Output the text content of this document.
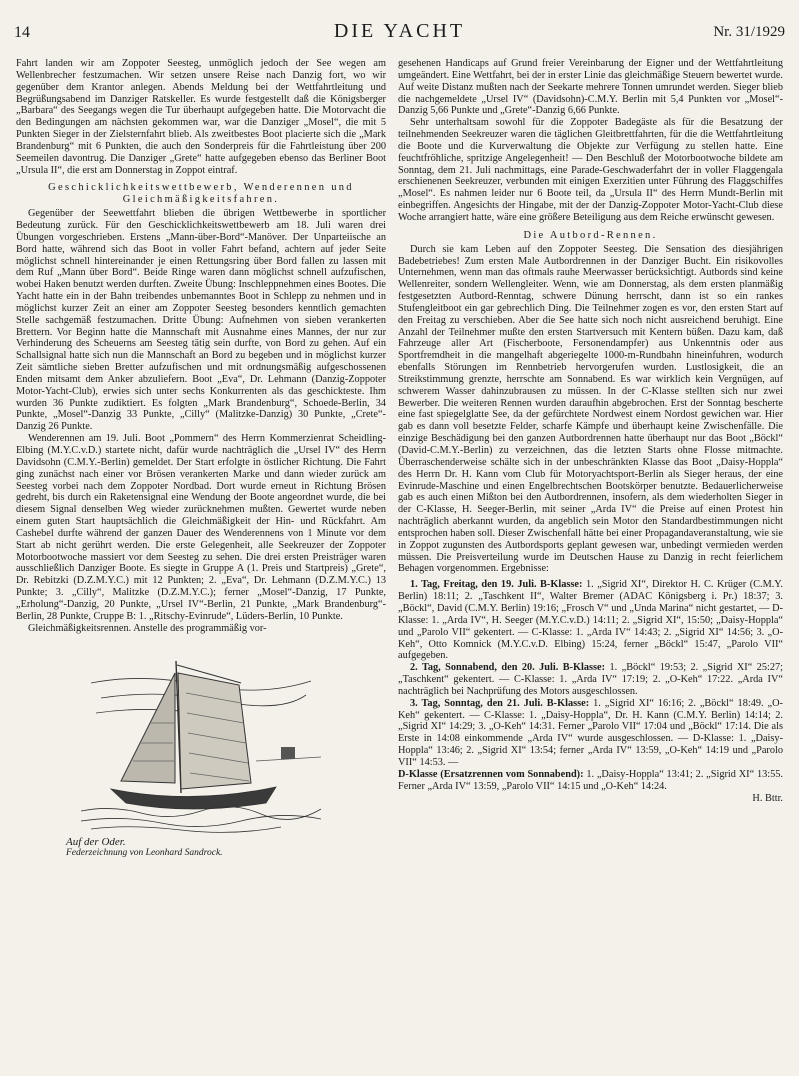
14	DIE YACHT	Nr. 31/1929

Fahrt landen wir am Zoppoter Seesteg, unmöglich jedoch der See wegen am Wellenbrecher festzumachen. Wir setzen unsere Reise nach Danzig fort, wo wir gegenüber dem Krantor anlegen. Abends Meldung bei der Wettfahrtleitung und Begrüßungsabend im Danziger Ratskeller. Es wurde festgestellt daß die Königsberger „Barbara“ des Seegangs wegen die Tur überhaupt aufgegeben hatte. Die Motorvacht die den Bedingungen am nächsten gekommen war, war die Danziger „Mosel“, die mit 5 Punkten Sieger in der Zielsternfahrt blieb. Als zweitbestes Boot placierte sich die „Mark Brandenburg“ mit 6 Punkten, die auch den Sonderpreis für die Fahrtleistung über 200 Seemeilen davontrug. Die Danziger „Grete“ hatte aufgegeben ebenso das Berliner Boot „Ursula II“, die erst am Donnerstag in Zoppot eintraf.

Geschicklichkeitswettbewerb, Wenderennen und Gleichmäßigkeitsfahren.

Gegenüber der Seewettfahrt blieben die übrigen Wettbewerbe in sportlicher Bedeutung zurück. Für den Geschicklichkeitswettbewerb am 18. Juli waren drei Übungen vorgeschrieben. Erstens „Mann-über-Bord“-Manöver. Der Unparteiische an Bord hatte, während sich das Boot in voller Fahrt befand, achtern auf jeder Seite möglichst schnell hintereinander je einen Rettungsring über Bord fallen zu lassen mit dem Ruf „Mann über Bord“. Beide Ringe waren dann möglichst schnell aufzufischen, wobei Haken benutzt werden durften. Zweite Übung: Inschleppnehmen eines Bootes. Die Yacht hatte ein in der Bahn treibendes unbemanntes Boot in Schlepp zu nehmen und in möglichst kurzer Zeit an einer am Zoppoter Seesteg besonders kenntlich gemachten Stelle sachgemäß festzumachen. Dritte Übung: Aufnehmen von sieben verankerten Brettern. Vor Beginn hatte die Mannschaft mit Ausnahme eines Mannes, der nur zur Verhinderung des Scheuerns am Seesteg tätig sein durfte, von Bord zu gehen. Auf ein Schallsignal hatte sich nun die Mannschaft an Bord zu begeben und in möglichst kurzer Zeit sämtliche sieben Bretter aufzufischen und mit ordnungsmäßig aufgeschossenen Enden mitsamt dem Anker abzuliefern. Boot „Eva“, Dr. Lehmann (Danzig-Zoppoter Motor-Yacht-Club), erwies sich unter sechs Konkurrenten als das geschickteste. Ihm wurden 36 Punkte zudiktiert. Es folgten „Mark Brandenburg“, Schoede-Berlin, 34 Punkte, „Mosel“-Danzig 33 Punkte, „Cilly“ (Malitzke-Danzig) 30 Punkte, „Crete“-Danzig 26 Punkte.

Wenderennen am 19. Juli. Boot „Pommern“ des Herrn Kommerzienrat Scheidling-Elbing (M.Y.C.v.D.) startete nicht, dafür wurde nachträglich die „Ursel IV“ des Herrn Davidsohn (C.M.Y.-Berlin) gemeldet. Der Start erfolgte in östlicher Richtung. Die Fahrt ging zunächst nach einer vor Brösen verankerten Marke und dann wieder zurück am Seesteg vorbei nach dem Zoppoter Nordbad. Dort wurde erneut in Richtung Brösen gedreht, bis durch ein Raketensignal eine Wendung der Boote angeordnet wurde, die bei diesem Signal denselben Weg wieder zurücknehmen mußten. Gewertet wurde neben einem guten Start hauptsächlich die Gleichmäßigkeit der Hin- und Rückfahrt. Am Cashebel durfte während der ganzen Dauer des Wenderennens von 1 Minute vor dem Start ab nicht gerührt werden. Die erste Gelegenheit, alle Seekreuzer der Zoppoter Motorbootwoche massiert vor dem Seesteg zu sehen. Die drei ersten Preisträger waren ausschließlich Danziger Boote. Es siegte in Gruppe A (1. Preis und Startpreis) „Grete“, Dr. Rebitzki (D.Z.M.Y.C.) mit 12 Punkten; 2. „Eva“, Dr. Lehmann (D.Z.M.Y.C.) 13 Punkte; 3. „Cilly“, Malitzke (D.Z.M.Y.C.); ferner „Mosel“-Danzig, 17 Punkte, „Erholung“-Danzig, 20 Punkte, „Ursel IV“-Berlin, 21 Punkte, „Mark Brandenburg“-Berlin, 28 Punkte, Cruppe B: 1. „Ritschy-Evinrude“, Lüders-Berlin, 10 Punkte.

Gleichmäßigkeitsrennen. Anstelle des programmäßig vor-

Auf der Oder.
Federzeichnung von Leonhard Sandrock.

gesehenen Handicaps auf Grund freier Vereinbarung der Eigner und der Wettfahrtleitung umgeändert. Eine Wettfahrt, bei der in erster Linie das gleichmäßige Steuern bewertet wurde. Auf weite Distanz mußten nach der Seekarte mehrere Tonnen umrundet werden. Sieger blieb die nachgemeldete „Ursel IV“ (Davidsohn)-C.M.Y. Berlin mit 5,4 Punkten vor „Mosel“-Danzig 5,66 Punkte und „Grete“-Danzig 6,66 Punkte.

Sehr unterhaltsam sowohl für die Zoppoter Badegäste als für die Besatzung der teilnehmenden Seekreuzer waren die täglichen Gleitbrettfahrten, für die die Wettfahrtleitung die Boote und die Kurverwaltung die Objekte zur Verfügung zu stellen hatte. Eine feuchtfröhliche, spritzige Angelegenheit! — Den Beschluß der Motorbootwoche bildete am Sonntag, dem 21. Juli nachmittags, eine Parade-Geschwaderfahrt der in voller Flaggengala erschienenen Seekreuzer, verbunden mit einigen Exerzitien unter Führung des Flaggschiffes „Mosel“. Es nahmen leider nur 6 Boote teil, da „Ursula II“ des Herrn Mundt-Berlin mit einbegriffen. Angesichts der Hingabe, mit der der Danzig-Zoppoter Motor-Yacht-Club diese Woche arrangiert hatte, wäre eine größere Beteiligung aus dem Reiche erwünscht gewesen.

Die Autbord-Rennen.

Durch sie kam Leben auf den Zoppoter Seesteg. Die Sensation des diesjährigen Badebetriebes! Zum ersten Male Autbordrennen in der Danziger Bucht. Ein risikovolles Unternehmen, wenn man das oftmals rauhe Meerwasser berücksichtigt. Autbords sind keine Wellenreiter, sondern Wellengleiter. Wenn, wie am Donnerstag, als dem ersten planmäßig festgesetzten Autbord-Renntag, schwere Dünung herrscht, dann ist so ein rankes Stufengleitboot ein gar gebrechlich Ding. Die Teilnehmer zogen es vor, den ersten Start auf den Freitag zu verschieben. Aber die See hatte sich noch nicht ausreichend beruhigt. Eine Anzahl der Teilnehmer mußte den ersten Startversuch mit Kentern büßen. Dazu kam, daß Fahrzeuge aller Art (Fischerboote, Fersonendampfer) aus Unkenntnis oder aus Sportfremdheit in die mangelhaft abgeriegelte 1000-m-Rundbahn hineinfuhren, wodurch ebenfalls Störungen im Rennbetrieb hervorgerufen wurden. Lustlosigkeit, die an Streikstimmung grenzte, herrschte am Sonnabend. Es war wirklich kein Vergnügen, auf schwerem Wasser dahinzubrausen zu müssen. In der C-Klasse stellten sich nur zwei Bewerber. Die weiteren Rennen wurden daraufhin abgebrochen. Erst der Sonntag bescherte eine fast spiegelglatte See, da der gefürchtete Nordwest einem Nordost gewichen war. Hier gab es dann voll besetzte Felder, scharfe Kämpfe und überhaupt keine Zwischenfälle. Die einzige Beschädigung bei den ganzen Autbordrennen hatte überhaupt nur das Boot „Böckl“ (David-C.M.Y.-Berlin) zu verzeichnen, das die letzten Starts ohne Flosse mitmachte. Überraschenderweise schälte sich in der unbeschränkten Klasse das Boot „Daisy-Hoppla“ des Herrn Dr. H. Kann vom Club für Motoryachtsport-Berlin als Sieger heraus, der eine Evinrude-Maschine und einen Engelbrechtschen Bootskörper benutzte. Bedauerlicherweise gab es auch einen Mißton bei den Autbordrennen, insofern, als dem wiederholten Sieger in der C-Klasse, H. Seeger-Berlin, mit seiner „Arda IV“ die Preise auf einen Protest hin nachträglich aberkannt wurden, da angeblich sein Motor den Standardbestimmungen nicht entsprochen haben soll. Dieser Zwischenfall hätte bei einer Propagandaveranstaltung, wie sie in Zoppot zugunsten des Autbordsports geplant gewesen war, unbedingt vermieden werden müssen. Die Preisverteilung wurde im Deutschen Hause zu Danzig in recht feierlichem Behagen vorgenommen. Ergebnisse:

1. Tag, Freitag, den 19. Juli. B-Klasse: 1. „Sigrid XI“, Direktor H. C. Krüger (C.M.Y. Berlin) 18:11; 2. „Taschkent II“, Walter Bremer (ADAC Königsberg i. Pr.) 18:37; 3. „Böckl“, David (C.M.Y. Berlin) 19:16; „Frosch V“ und „Unda Marina“ nicht gestartet, — D-Klasse: 1. „Arda IV“, H. Seeger (M.Y.C.v.D.) 14:11; 2. „Sigrid XI“, 15:50; „Daisy-Hoppla“ und „Parolo VII“ gekentert. — C-Klasse: 1. „Arda IV“ 14:43; 2. „Sigrid XI“ 14:56; 3. „O-Keh“, Otto Komnick (M.Y.C.v.D. Elbing) 15:24, ferner „Böckl“ 15:47, „Parolo VII“ aufgegeben.

2. Tag, Sonnabend, den 20. Juli. B-Klasse: 1. „Böckl“ 19:53; 2. „Sigrid XI“ 25:27; „Taschkent“ gekentert. — C-Klasse: 1. „Arda IV“ 17:19; 2. „O-Keh“ 17:22. „Arda IV“ nachträglich bei Nachprüfung des Motors ausgeschlossen.

3. Tag, Sonntag, den 21. Juli. B-Klasse: 1. „Sigrid XI“ 16:16; 2. „Böckl“ 18:49. „O-Keh“ gekentert. — C-Klasse: 1. „Daisy-Hoppla“, Dr. H. Kann (C.M.Y. Berlin) 14:14; 2. „Sigrid XI“ 14:29; 3. „O-Keh“ 14:31. Ferner „Parolo VII“ 17:04 und „Böckl“ 17:14. Die als Erste in 14:08 einkommende „Arda IV“ wurde ausgeschlossen. — D-Klasse: 1. „Daisy-Hoppla“ 13:46; 2. „Sigrid XI“ 13:54; ferner „Arda IV“ 13:59, „O-Keh“ 14:19 und „Parolo VII“ 14:53. —

D-Klasse (Ersatzrennen vom Sonnabend): 1. „Daisy-Hoppla“ 13:41; 2. „Sigrid XI“ 13:55. Ferner „Arda IV“ 13:59, „Parolo VII“ 14:15 und „O-Keh“ 14:24.

H. Bttr.
